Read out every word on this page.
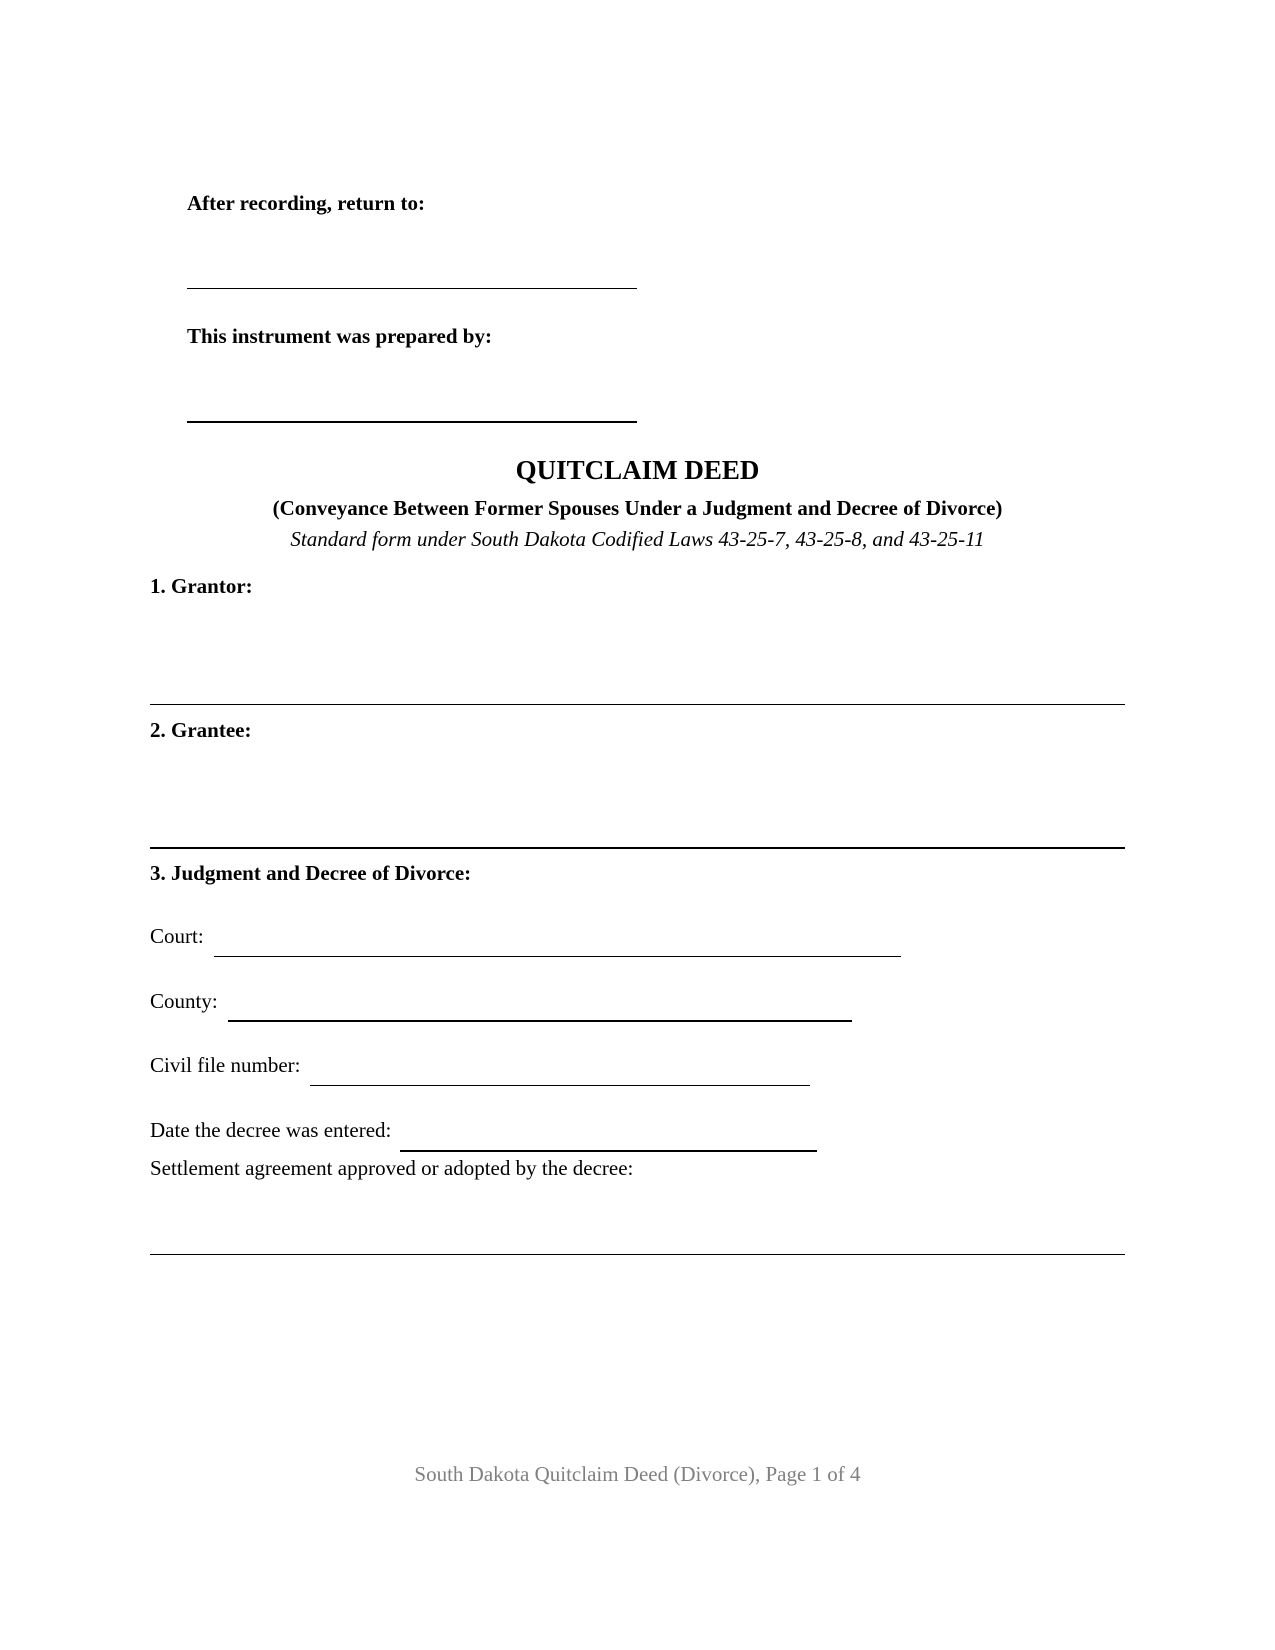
After recording, return to:
This instrument was prepared by:
QUITCLAIM DEED
(Conveyance Between Former Spouses Under a Judgment and Decree of Divorce)
Standard form under South Dakota Codified Laws 43-25-7, 43-25-8, and 43-25-11
1. Grantor:
2. Grantee:
3. Judgment and Decree of Divorce:
Court:
County:
Civil file number:
Date the decree was entered:
Settlement agreement approved or adopted by the decree:
South Dakota Quitclaim Deed (Divorce), Page 1 of 4
